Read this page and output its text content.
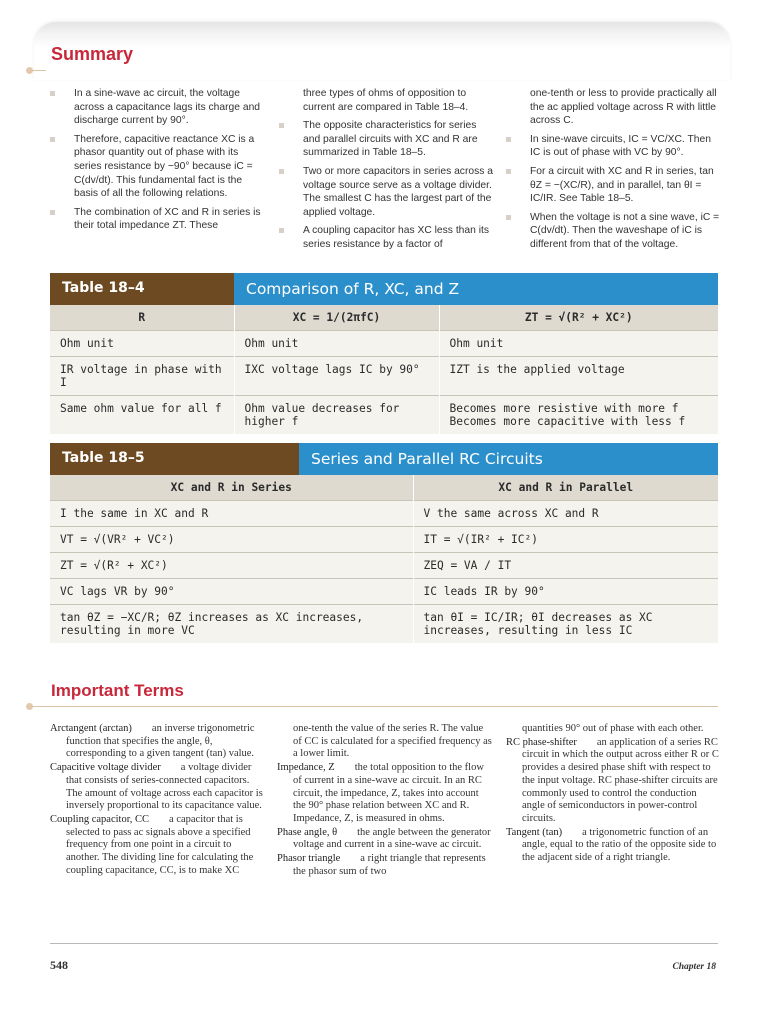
Summary
In a sine-wave ac circuit, the voltage across a capacitance lags its charge and discharge current by 90°.
Therefore, capacitive reactance XC is a phasor quantity out of phase with its series resistance by −90° because iC = C(dv/dt). This fundamental fact is the basis of all the following relations.
The combination of XC and R in series is their total impedance ZT. These
three types of ohms of opposition to current are compared in Table 18–4.
The opposite characteristics for series and parallel circuits with XC and R are summarized in Table 18–5.
Two or more capacitors in series across a voltage source serve as a voltage divider. The smallest C has the largest part of the applied voltage.
A coupling capacitor has XC less than its series resistance by a factor of
one-tenth or less to provide practically all the ac applied voltage across R with little across C.
In sine-wave circuits, IC = VC/XC. Then IC is out of phase with VC by 90°.
For a circuit with XC and R in series, tan θZ = −(XC/R), and in parallel, tan θI = IC/IR. See Table 18–5.
When the voltage is not a sine wave, iC = C(dv/dt). Then the waveshape of iC is different from that of the voltage.
Table 18–4	Comparison of R, XC, and Z
R	XC = 1/(2πfC)	ZT = √(R² + XC²)
Ohm unit	Ohm unit	Ohm unit
IR voltage in phase with I	IXC voltage lags IC by 90°	IZT is the applied voltage
Same ohm value for all f	Ohm value decreases for higher f	Becomes more resistive with more f
Becomes more capacitive with less f
Table 18–5	Series and Parallel RC Circuits
XC and R in Series	XC and R in Parallel
I the same in XC and R	V the same across XC and R
VT = √(VR² + VC²)	IT = √(IR² + IC²)
ZT = √(R² + XC²)	ZEQ = VA / IT
VC lags VR by 90°	IC leads IR by 90°
tan θZ = −XC/R; θZ increases as XC increases, resulting in more VC	tan θI = IC/IR; θI decreases as XC increases, resulting in less IC
Important Terms
Arctangent (arctan) an inverse trigonometric function that specifies the angle, θ, corresponding to a given tangent (tan) value.
Capacitive voltage divider a voltage divider that consists of series-connected capacitors. The amount of voltage across each capacitor is inversely proportional to its capacitance value.
Coupling capacitor, CC a capacitor that is selected to pass ac signals above a specified frequency from one point in a circuit to another. The dividing line for calculating the coupling capacitance, CC, is to make XC
one-tenth the value of the series R. The value of CC is calculated for a specified frequency as a lower limit.
Impedance, Z the total opposition to the flow of current in a sine-wave ac circuit. In an RC circuit, the impedance, Z, takes into account the 90° phase relation between XC and R. Impedance, Z, is measured in ohms.
Phase angle, θ the angle between the generator voltage and current in a sine-wave ac circuit.
Phasor triangle a right triangle that represents the phasor sum of two
quantities 90° out of phase with each other.
RC phase-shifter an application of a series RC circuit in which the output across either R or C provides a desired phase shift with respect to the input voltage. RC phase-shifter circuits are commonly used to control the conduction angle of semiconductors in power-control circuits.
Tangent (tan) a trigonometric function of an angle, equal to the ratio of the opposite side to the adjacent side of a right triangle.
548	Chapter 18
